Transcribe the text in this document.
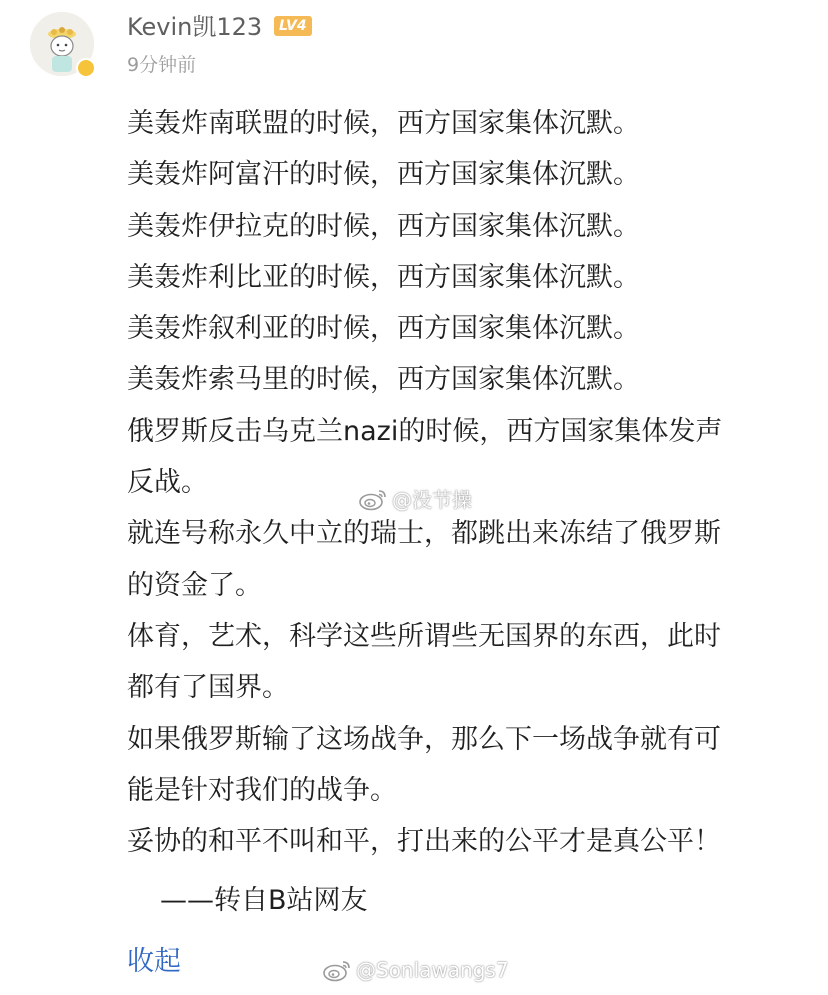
Kevin凯123	LV4
9分钟前
美轰炸南联盟的时候，西方国家集体沉默。
美轰炸阿富汗的时候，西方国家集体沉默。
美轰炸伊拉克的时候，西方国家集体沉默。
美轰炸利比亚的时候，西方国家集体沉默。
美轰炸叙利亚的时候，西方国家集体沉默。
美轰炸索马里的时候，西方国家集体沉默。
俄罗斯反击乌克兰nazi的时候，西方国家集体发声
反战。
就连号称永久中立的瑞士，都跳出来冻结了俄罗斯
的资金了。
体育，艺术，科学这些所谓些无国界的东西，此时
都有了国界。
如果俄罗斯输了这场战争，那么下一场战争就有可
能是针对我们的战争。
妥协的和平不叫和平，打出来的公平才是真公平！
——转自B站网友
收起
@没节操
@Sonlawangs7
